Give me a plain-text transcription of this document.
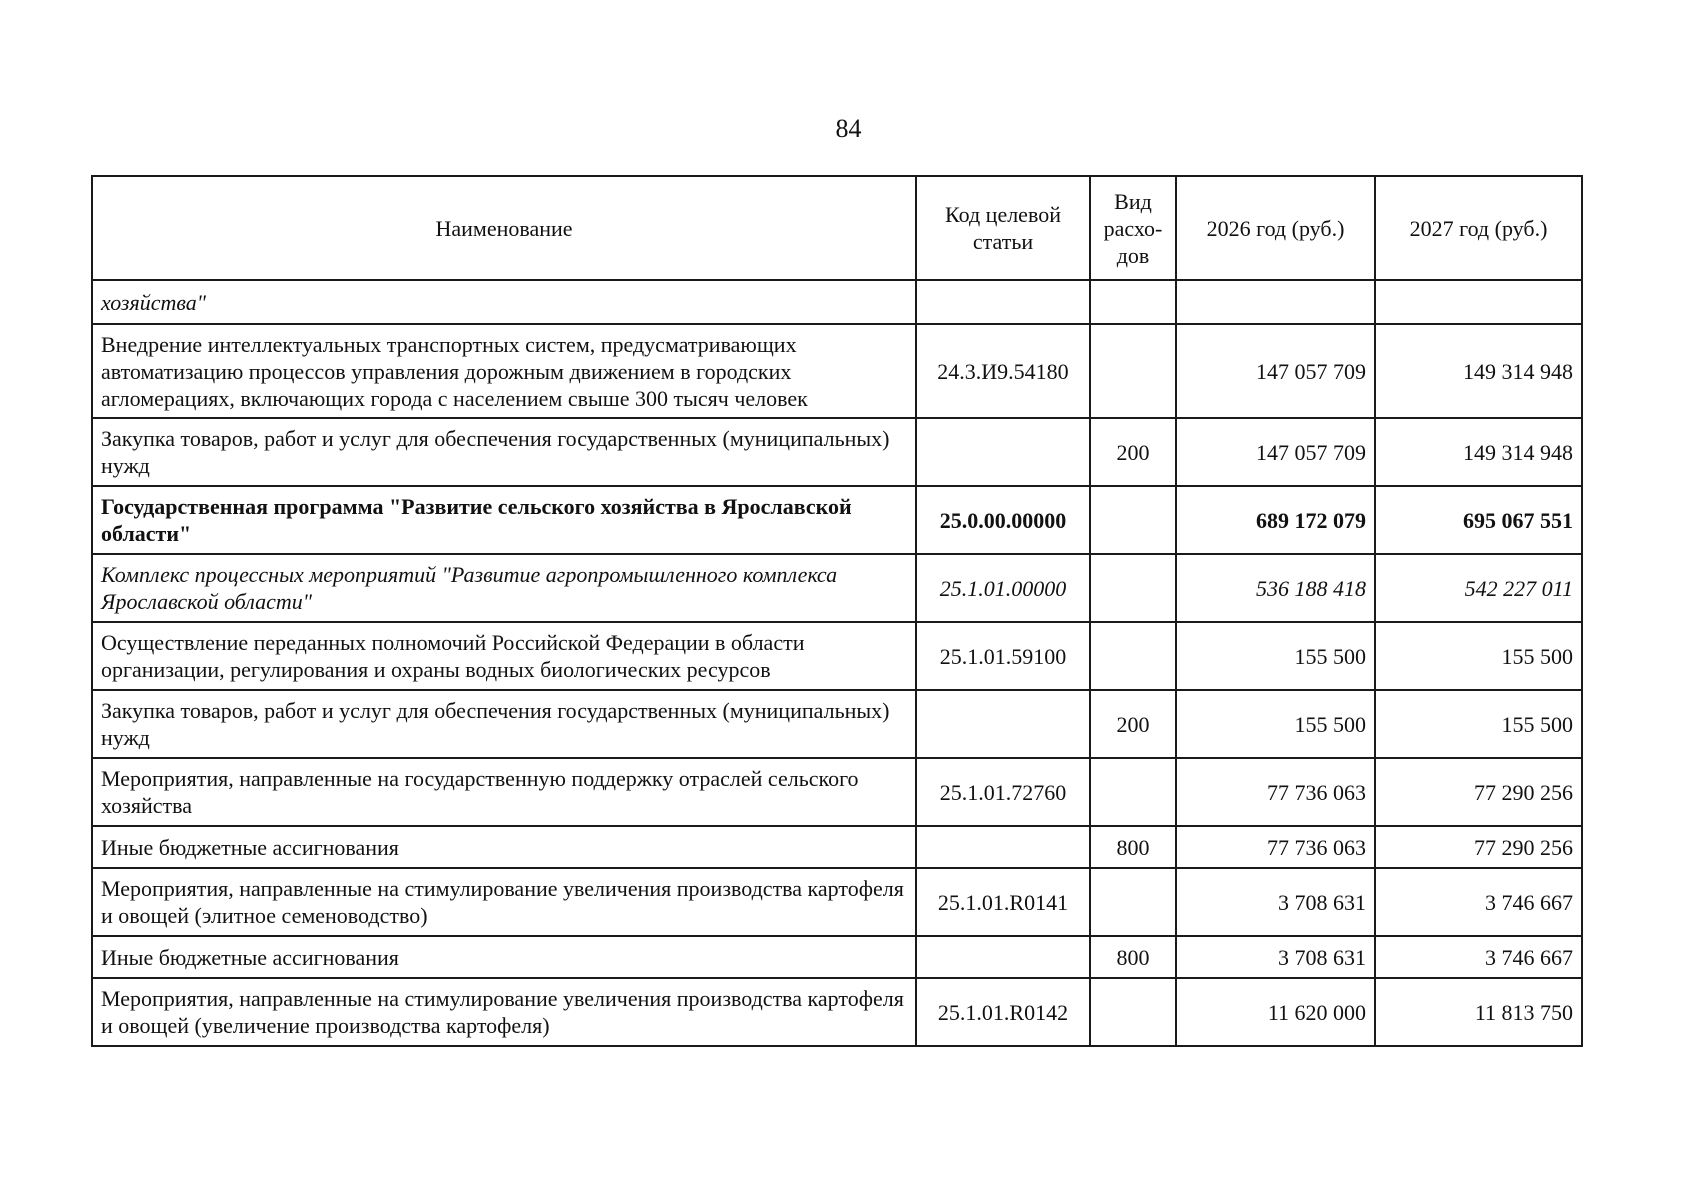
84
Наименование	Код целевой статьи	Вид расхо-дов	2026 год (руб.)	2027 год (руб.)
хозяйства"				
Внедрение интеллектуальных транспортных систем, предусматривающих автоматизацию процессов управления дорожным движением в городских агломерациях, включающих города с населением свыше 300 тысяч человек	24.3.И9.54180		147 057 709	149 314 948
Закупка товаров, работ и услуг для обеспечения государственных (муниципальных) нужд		200	147 057 709	149 314 948
Государственная программа "Развитие сельского хозяйства в Ярославской области"	25.0.00.00000		689 172 079	695 067 551
Комплекс процессных мероприятий "Развитие агропромышленного комплекса Ярославской области"	25.1.01.00000		536 188 418	542 227 011
Осуществление переданных полномочий Российской Федерации в области организации, регулирования и охраны водных биологических ресурсов	25.1.01.59100		155 500	155 500
Закупка товаров, работ и услуг для обеспечения государственных (муниципальных) нужд		200	155 500	155 500
Мероприятия, направленные на государственную поддержку отраслей сельского хозяйства	25.1.01.72760		77 736 063	77 290 256
Иные бюджетные ассигнования		800	77 736 063	77 290 256
Мероприятия, направленные на стимулирование увеличения производства картофеля и овощей (элитное семеноводство)	25.1.01.R0141		3 708 631	3 746 667
Иные бюджетные ассигнования		800	3 708 631	3 746 667
Мероприятия, направленные на стимулирование увеличения производства картофеля и овощей (увеличение производства картофеля)	25.1.01.R0142		11 620 000	11 813 750
